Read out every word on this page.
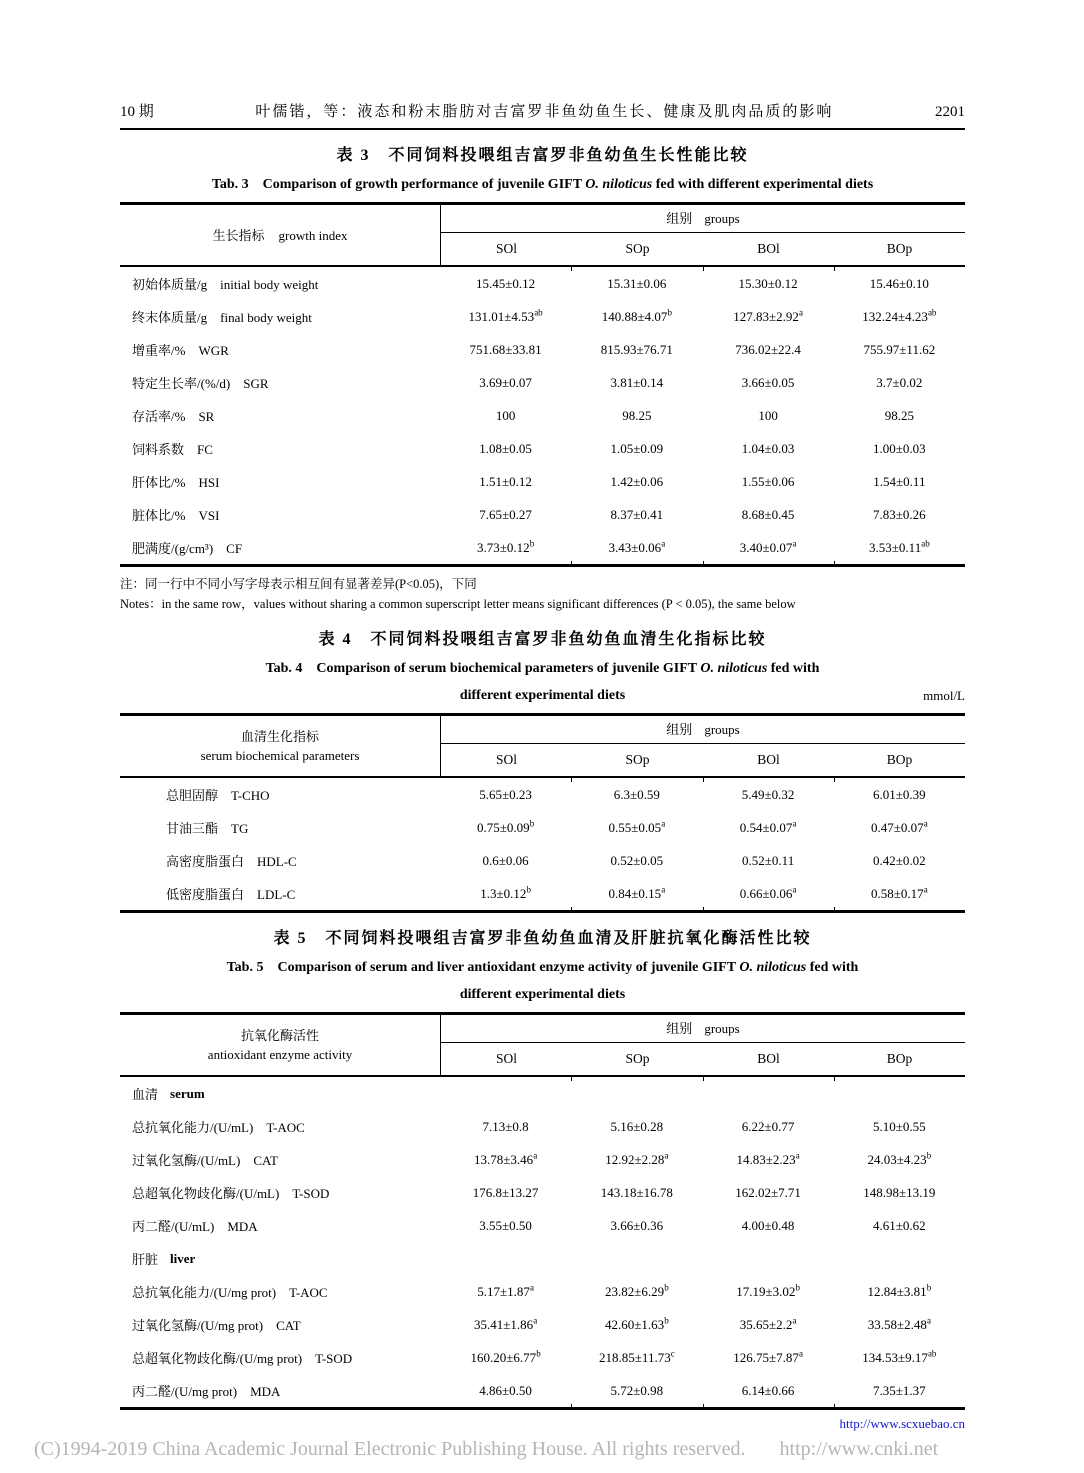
10 期	叶儒锴，等：液态和粉末脂肪对吉富罗非鱼幼鱼生长、健康及肌肉品质的影响	2201
表 3　不同饲料投喂组吉富罗非鱼幼鱼生长性能比较
Tab. 3　Comparison of growth performance of juvenile GIFT O. niloticus fed with different experimental diets
生长指标 growth index
组别 groups
SOl	SOp	BOl	BOp
初始体质量/g initial body weight	15.45±0.12	15.31±0.06	15.30±0.12	15.46±0.10
终末体质量/g final body weight	131.01±4.53$^{ab}$	140.88±4.07$^b$	127.83±2.92$^a$	132.24±4.23$^{ab}$
增重率/% WGR	751.68±33.81	815.93±76.71	736.02±22.4	755.97±11.62
特定生长率/(%/d) SGR	3.69±0.07	3.81±0.14	3.66±0.05	3.7±0.02
存活率/% SR	100	98.25	100	98.25
饲料系数 FC	1.08±0.05	1.05±0.09	1.04±0.03	1.00±0.03
肝体比/% HSI	1.51±0.12	1.42±0.06	1.55±0.06	1.54±0.11
脏体比/% VSI	7.65±0.27	8.37±0.41	8.68±0.45	7.83±0.26
肥满度/(g/cm³) CF	3.73±0.12$^b$	3.43±0.06$^a$	3.40±0.07$^a$	3.53±0.11$^{ab}$
注：同一行中不同小写字母表示相互间有显著差异(P<0.05)，下同
Notes：in the same row，values without sharing a common superscript letter means significant differences (P < 0.05), the same below
表 4　不同饲料投喂组吉富罗非鱼幼鱼血清生化指标比较
Tab. 4　Comparison of serum biochemical parameters of juvenile GIFT O. niloticus fed with
different experimental diets	mmol/L
血清生化指标
serum biochemical parameters
组别 groups
SOl	SOp	BOl	BOp
总胆固醇 T-CHO	5.65±0.23	6.3±0.59	5.49±0.32	6.01±0.39
甘油三酯 TG	0.75±0.09$^b$	0.55±0.05$^a$	0.54±0.07$^a$	0.47±0.07$^a$
高密度脂蛋白 HDL-C	0.6±0.06	0.52±0.05	0.52±0.11	0.42±0.02
低密度脂蛋白 LDL-C	1.3±0.12$^b$	0.84±0.15$^a$	0.66±0.06$^a$	0.58±0.17$^a$
表 5　不同饲料投喂组吉富罗非鱼幼鱼血清及肝脏抗氧化酶活性比较
Tab. 5　Comparison of serum and liver antioxidant enzyme activity of juvenile GIFT O. niloticus fed with
different experimental diets
抗氧化酶活性
antioxidant enzyme activity
组别 groups
SOl	SOp	BOl	BOp
血清 serum
总抗氧化能力/(U/mL) T-AOC	7.13±0.8	5.16±0.28	6.22±0.77	5.10±0.55
过氧化氢酶/(U/mL) CAT	13.78±3.46$^a$	12.92±2.28$^a$	14.83±2.23$^a$	24.03±4.23$^b$
总超氧化物歧化酶/(U/mL) T-SOD	176.8±13.27	143.18±16.78	162.02±7.71	148.98±13.19
丙二醛/(U/mL) MDA	3.55±0.50	3.66±0.36	4.00±0.48	4.61±0.62
肝脏 liver
总抗氧化能力/(U/mg prot) T-AOC	5.17±1.87$^a$	23.82±6.29$^b$	17.19±3.02$^b$	12.84±3.81$^b$
过氧化氢酶/(U/mg prot) CAT	35.41±1.86$^a$	42.60±1.63$^b$	35.65±2.2$^a$	33.58±2.48$^a$
总超氧化物歧化酶/(U/mg prot) T-SOD	160.20±6.77$^b$	218.85±11.73$^c$	126.75±7.87$^a$	134.53±9.17$^{ab}$
丙二醛/(U/mg prot) MDA	4.86±0.50	5.72±0.98	6.14±0.66	7.35±1.37
http://www.scxuebao.cn
(C)1994-2019 China Academic Journal Electronic Publishing House. All rights reserved. http://www.cnki.net
